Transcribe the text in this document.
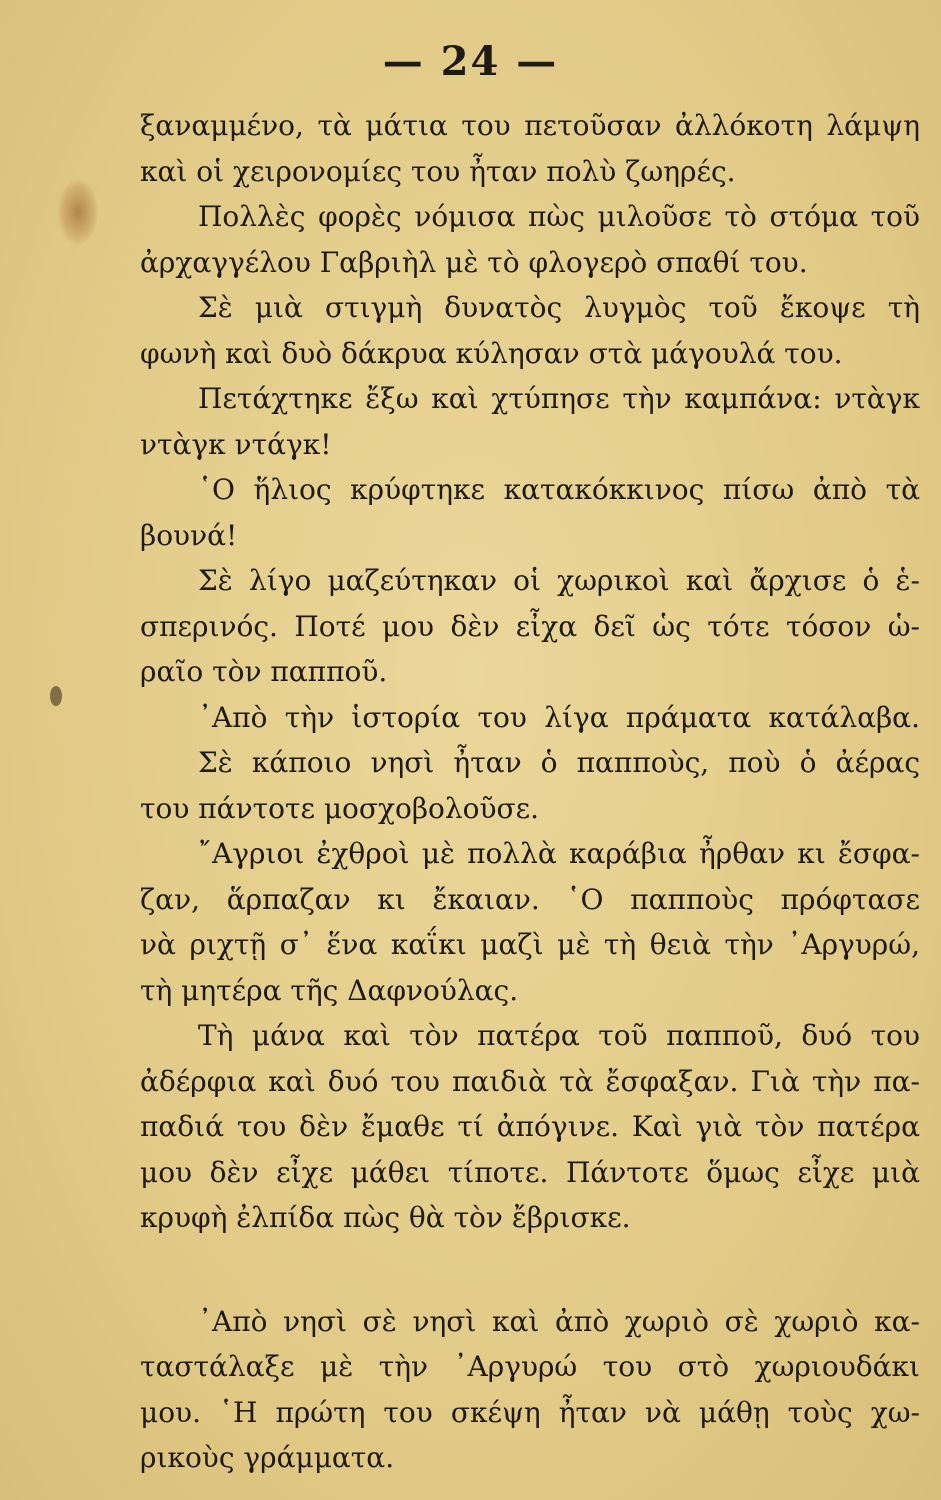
— 24 —
ξαναμμένο, τὰ μάτια του πετοῦσαν ἀλλόκοτη λάμψη
καὶ οἱ χειρονομίες του ἦταν πολὺ ζωηρές.
Πολλὲς φορὲς νόμισα πὼς μιλοῦσε τὸ στόμα τοῦ
ἀρχαγγέλου Γαβριὴλ μὲ τὸ φλογερὸ σπαθί του.
Σὲ μιὰ στιγμὴ δυνατὸς λυγμὸς τοῦ ἔκοψε τὴ
φωνὴ καὶ δυὸ δάκρυα κύλησαν στὰ μάγουλά του.
Πετάχτηκε ἔξω καὶ χτύπησε τὴν καμπάνα: ντὰγκ
ντὰγκ ντάγκ!
῾Ο ἥλιος κρύφτηκε κατακόκκινος πίσω ἀπὸ τὰ
βουνά!
Σὲ λίγο μαζεύτηκαν οἱ χωρικοὶ καὶ ἄρχισε ὁ ἑ-
σπερινός. Ποτέ μου δὲν εἶχα δεῖ ὡς τότε τόσον ὡ-
ραῖο τὸν παπποῦ.
᾿Απὸ τὴν ἱστορία του λίγα πράματα κατάλαβα.
Σὲ κάποιο νησὶ ἦταν ὁ παπποὺς, ποὺ ὁ ἀέρας
του πάντοτε μοσχοβολοῦσε.
῎Αγριοι ἐχθροὶ μὲ πολλὰ καράβια ἦρθαν κι ἔσφα-
ζαν, ἅρπαζαν κι ἔκαιαν. ῾Ο παπποὺς πρόφτασε
νὰ ριχτῇ σ᾿ ἕνα καΐκι μαζὶ μὲ τὴ θειὰ τὴν ᾿Αργυρώ,
τὴ μητέρα τῆς Δαφνούλας.
Τὴ μάνα καὶ τὸν πατέρα τοῦ παπποῦ, δυό του
ἀδέρφια καὶ δυό του παιδιὰ τὰ ἔσφαξαν. Γιὰ τὴν πα-
παδιά του δὲν ἔμαθε τί ἀπόγινε. Καὶ γιὰ τὸν πατέρα
μου δὲν εἶχε μάθει τίποτε. Πάντοτε ὅμως εἶχε μιὰ
κρυφὴ ἐλπίδα πὼς θὰ τὸν ἔβρισκε.
᾿Απὸ νησὶ σὲ νησὶ καὶ ἀπὸ χωριὸ σὲ χωριὸ κα-
ταστάλαξε μὲ τὴν ᾿Αργυρώ του στὸ χωριουδάκι
μου. ῾Η πρώτη του σκέψη ἦταν νὰ μάθῃ τοὺς χω-
ρικοὺς γράμματα.
